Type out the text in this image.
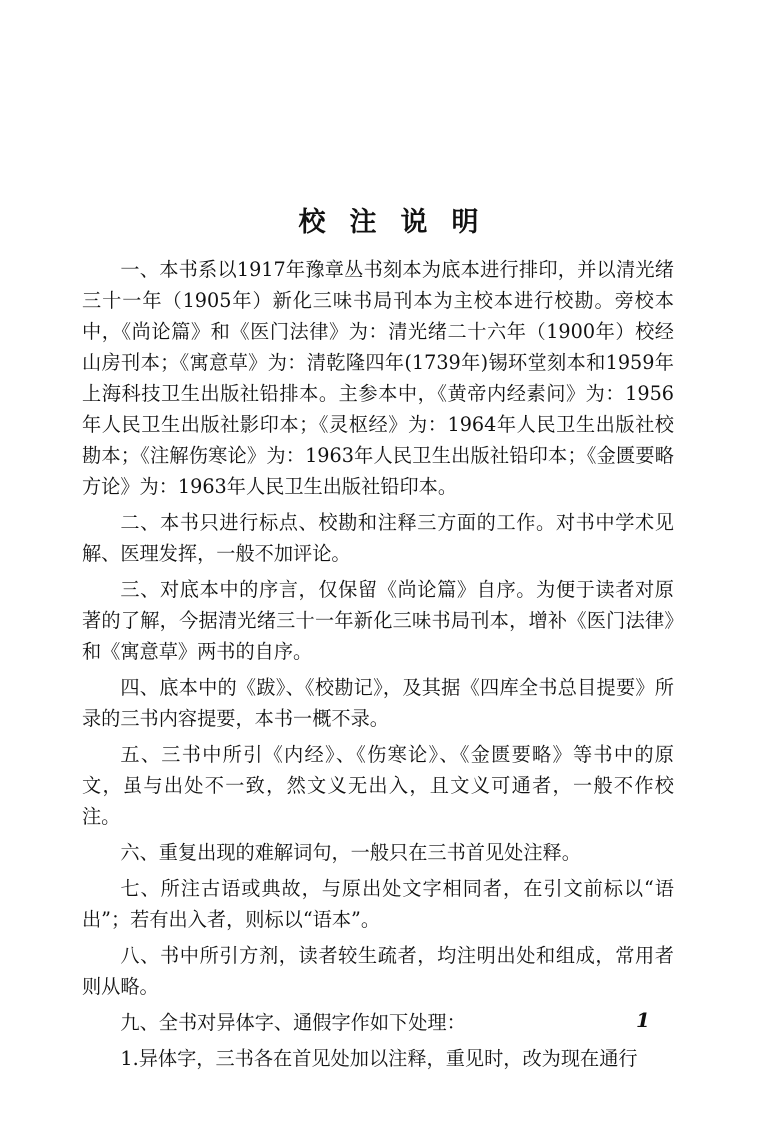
校注说明

一、本书系以1917年豫章丛书刻本为底本进行排印，并以清光绪三十一年（1905年）新化三味书局刊本为主校本进行校勘。旁校本中，《尚论篇》和《医门法律》为：清光绪二十六年（1900年）校经山房刊本；《寓意草》为：清乾隆四年(1739年)锡环堂刻本和1959年上海科技卫生出版社铅排本。主参本中，《黄帝内经素问》为：1956年人民卫生出版社影印本；《灵枢经》为：1964年人民卫生出版社校勘本；《注解伤寒论》为：1963年人民卫生出版社铅印本；《金匮要略方论》为：1963年人民卫生出版社铅印本。

二、本书只进行标点、校勘和注释三方面的工作。对书中学术见解、医理发挥，一般不加评论。

三、对底本中的序言，仅保留《尚论篇》自序。为便于读者对原著的了解，今据清光绪三十一年新化三味书局刊本，增补《医门法律》和《寓意草》两书的自序。

四、底本中的《跋》、《校勘记》，及其据《四库全书总目提要》所录的三书内容提要，本书一概不录。

五、三书中所引《内经》、《伤寒论》、《金匮要略》等书中的原文，虽与出处不一致，然文义无出入，且文义可通者，一般不作校注。

六、重复出现的难解词句，一般只在三书首见处注释。

七、所注古语或典故，与原出处文字相同者，在引文前标以“语出”；若有出入者，则标以“语本”。

八、书中所引方剂，读者较生疏者，均注明出处和组成，常用者则从略。

九、全书对异体字、通假字作如下处理：

1.异体字，三书各在首见处加以注释，重见时，改为现在通行

1
